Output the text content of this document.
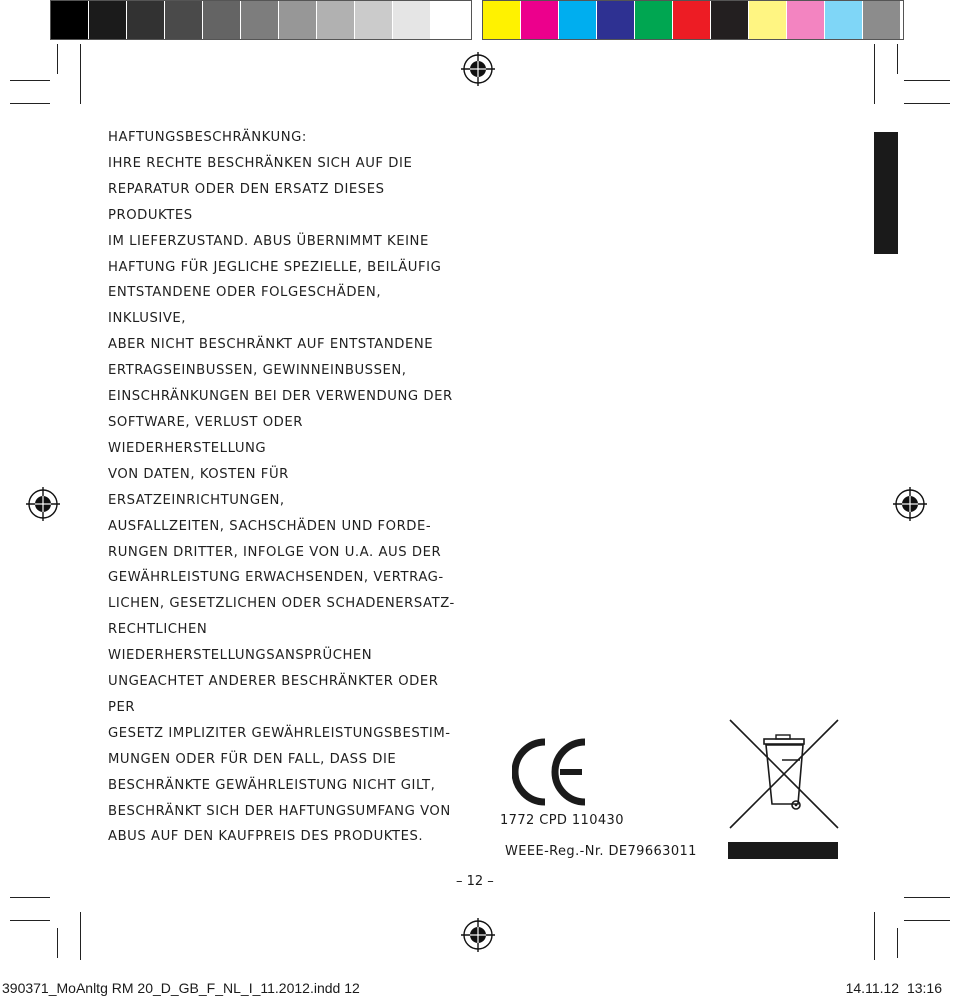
HAFTUNGSBESCHRÄNKUNG:
IHRE RECHTE BESCHRÄNKEN SICH AUF DIE
REPARATUR ODER DEN ERSATZ DIESES PRODUKTES
IM LIEFERZUSTAND. ABUS ÜBERNIMMT KEINE
HAFTUNG FÜR JEGLICHE SPEZIELLE, BEILÄUFIG
ENTSTANDENE ODER FOLGESCHÄDEN, INKLUSIVE,
ABER NICHT BESCHRÄNKT AUF ENTSTANDENE
ERTRAGSEINBUSSEN, GEWINNEINBUSSEN,
EINSCHRÄNKUNGEN BEI DER VERWENDUNG DER
SOFTWARE, VERLUST ODER WIEDERHERSTELLUNG
VON DATEN, KOSTEN FÜR ERSATZEINRICHTUNGEN,
AUSFALLZEITEN, SACHSCHÄDEN UND FORDE-
RUNGEN DRITTER, INFOLGE VON U.A. AUS DER
GEWÄHRLEISTUNG ERWACHSENDEN, VERTRAG-
LICHEN, GESETZLICHEN ODER SCHADENERSATZ-
RECHTLICHEN WIEDERHERSTELLUNGSANSPRÜCHEN
UNGEACHTET ANDERER BESCHRÄNKTER ODER PER
GESETZ IMPLIZITER GEWÄHRLEISTUNGSBESTIM-
MUNGEN ODER FÜR DEN FALL, DASS DIE
BESCHRÄNKTE GEWÄHRLEISTUNG NICHT GILT,
BESCHRÄNKT SICH DER HAFTUNGSUMFANG VON
ABUS AUF DEN KAUFPREIS DES PRODUKTES.
1772 CPD 110430
WEEE-Reg.-Nr. DE79663011
– 12 –
390371_MoAnltg RM 20_D_GB_F_NL_I_11.2012.indd 12	14.11.12 13:16
